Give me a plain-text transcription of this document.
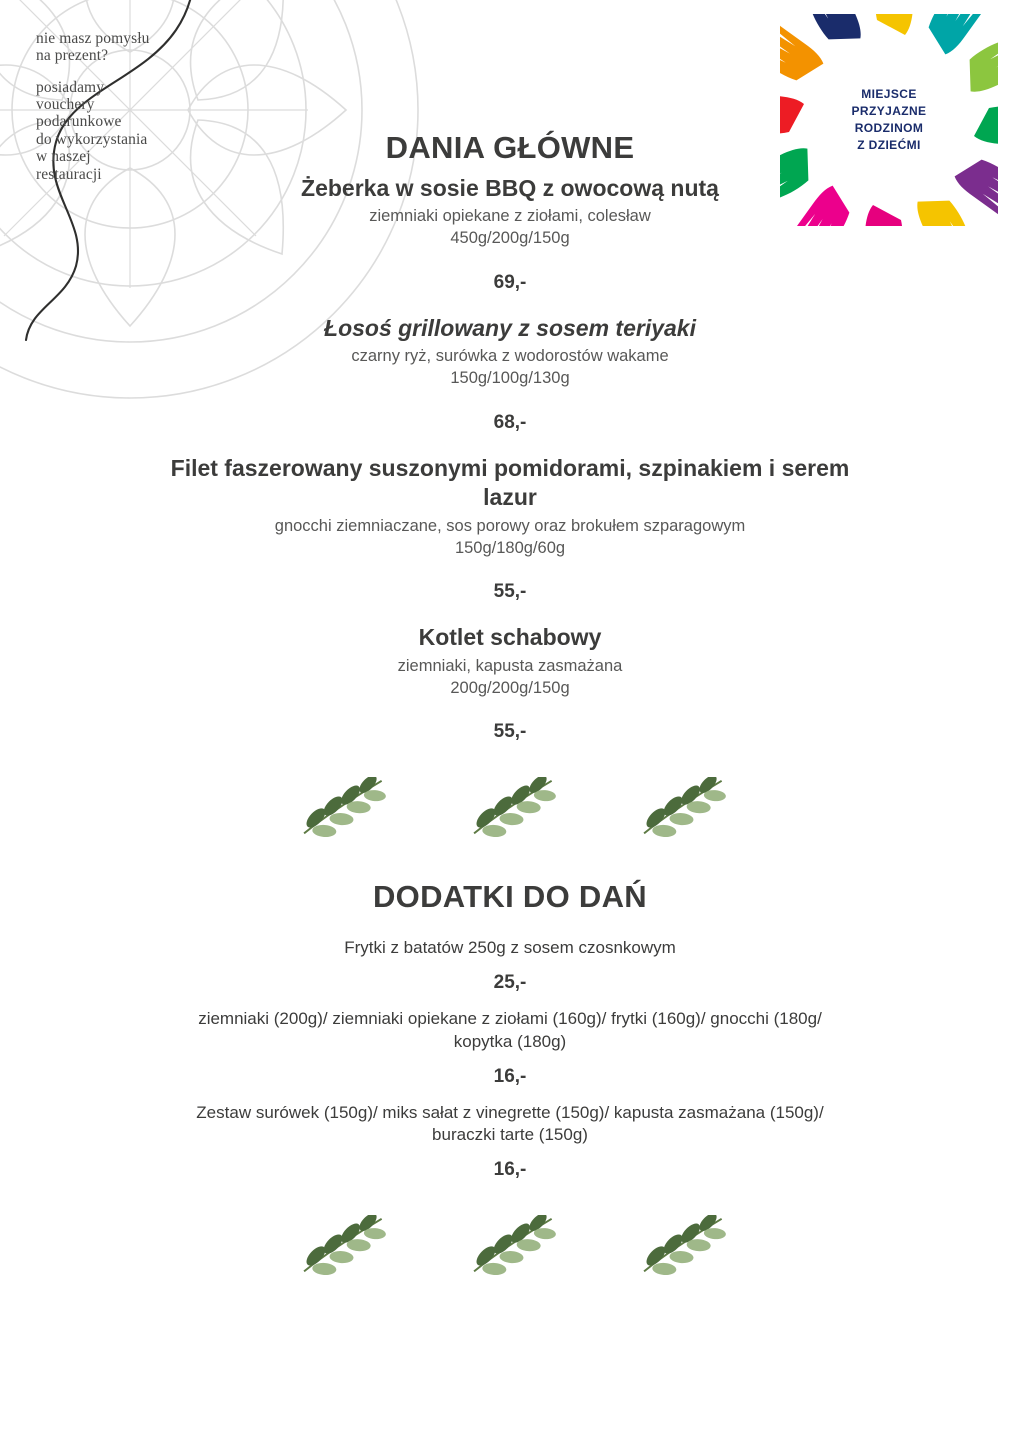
nie masz pomysłu
na prezent?

posiadamy
vouchery
podarunkowe
do wykorzystania
w naszej
restauracji

MIEJSCE
PRZYJAZNE
RODZINOM
Z DZIEĆMI
DANIA GŁÓWNE

Żeberka w sosie BBQ z owocową nutą

ziemniaki opiekane z ziołami, colesław

450g/200g/150g

69,-

Łosoś grillowany z sosem teriyaki

czarny ryż, surówka z wodorostów wakame

150g/100g/130g

68,-

Filet faszerowany suszonymi pomidorami, szpinakiem i serem lazur

gnocchi ziemniaczane, sos porowy oraz brokułem szparagowym

150g/180g/60g

55,-

Kotlet schabowy

ziemniaki, kapusta zasmażana

200g/200g/150g

55,-

DODATKI DO DAŃ

Frytki z batatów 250g z sosem czosnkowym

25,-

ziemniaki (200g)/ ziemniaki opiekane z ziołami (160g)/ frytki (160g)/ gnocchi (180g/ kopytka (180g)

16,-

Zestaw surówek (150g)/ miks sałat z vinegrette (150g)/ kapusta zasmażana (150g)/ buraczki tarte (150g)

16,-
